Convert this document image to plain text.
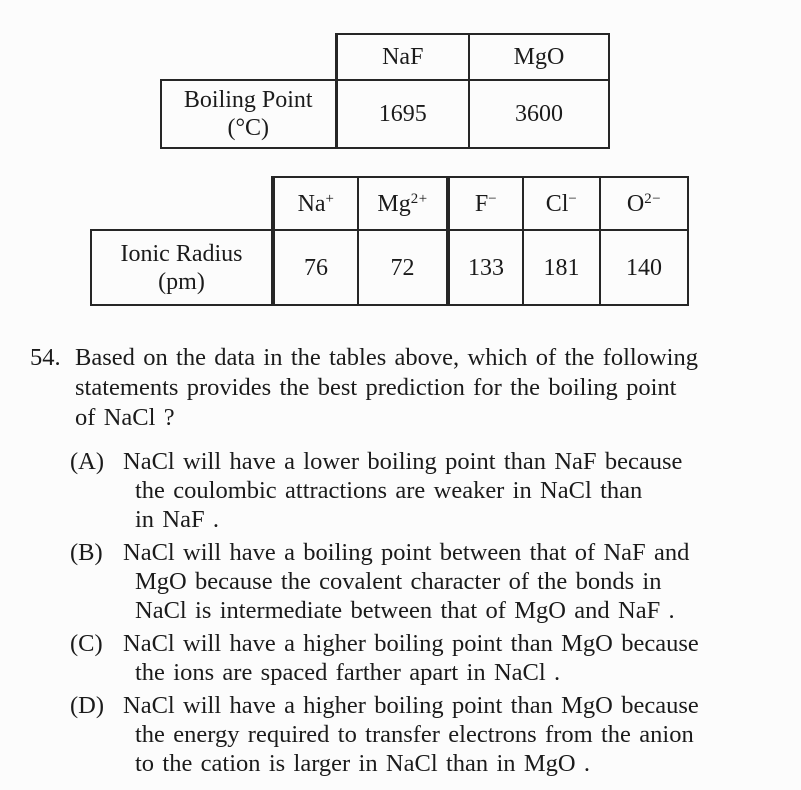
	NaF	MgO

Boiling Point
(°C)	1695	3600
	Na+	$Mg^{2+}$	F−	Cl−	$O^{2-}$

Ionic Radius
(pm)	76	72	133	181	140
54. Based on the data in the tables above, which of the following
statements provides the best prediction for the boiling point
of NaCl ?
(A) NaCl will have a lower boiling point than NaF because
the coulombic attractions are weaker in NaCl than
in NaF .
(B) NaCl will have a boiling point between that of NaF and
MgO because the covalent character of the bonds in
NaCl is intermediate between that of MgO and NaF .
(C) NaCl will have a higher boiling point than MgO because
the ions are spaced farther apart in NaCl .
(D) NaCl will have a higher boiling point than MgO because
the energy required to transfer electrons from the anion
to the cation is larger in NaCl than in MgO .
